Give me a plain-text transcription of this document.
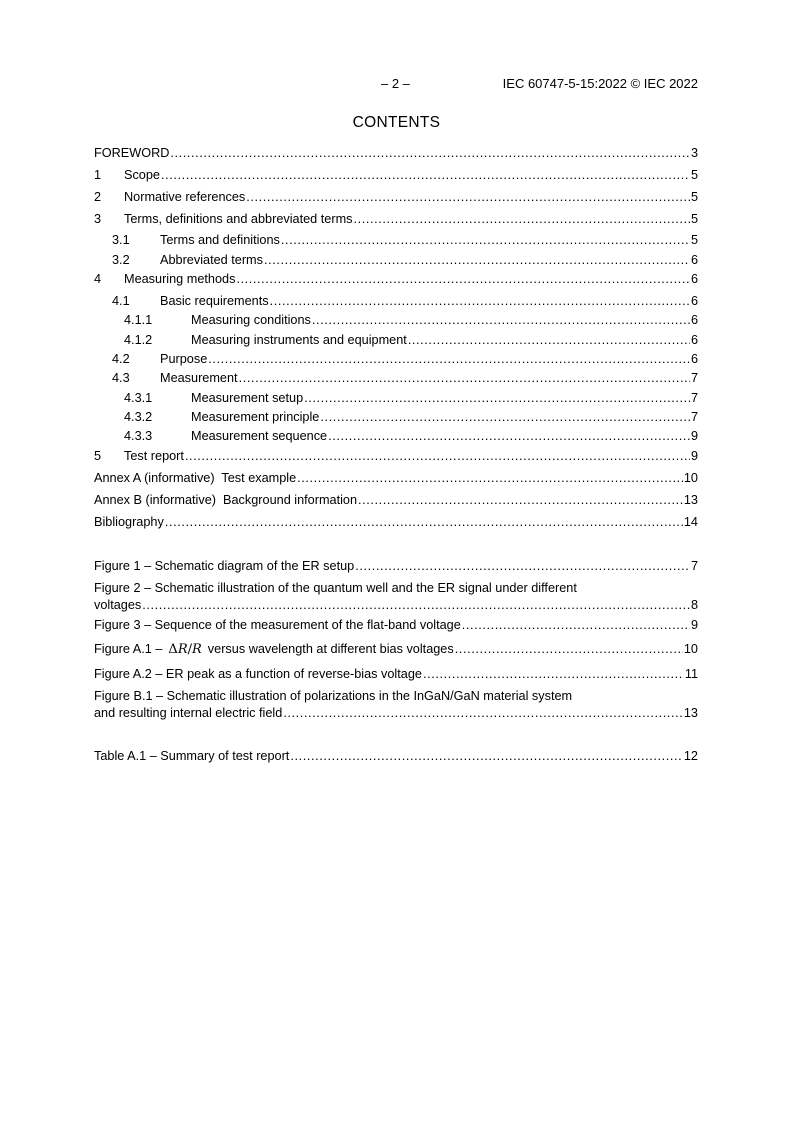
– 2 –	IEC 60747-5-15:2022 © IEC 2022
CONTENTS
FOREWORD .....	3
1	Scope .....	5
2	Normative references .....	5
3	Terms, definitions and abbreviated terms .....	5
3.1	Terms and definitions .....	5
3.2	Abbreviated terms .....	6
4	Measuring methods .....	6
4.1	Basic requirements .....	6
4.1.1	Measuring conditions .....	6
4.1.2	Measuring instruments and equipment .....	6
4.2	Purpose .....	6
4.3	Measurement .....	7
4.3.1	Measurement setup .....	7
4.3.2	Measurement principle .....	7
4.3.3	Measurement sequence .....	9
5	Test report .....	9
Annex A (informative)  Test example .....	10
Annex B (informative)  Background information .....	13
Bibliography .....	14
Figure 1 – Schematic diagram of the ER setup .....	7
Figure 2 – Schematic illustration of the quantum well and the ER signal under different
voltages .....	8
Figure 3 – Sequence of the measurement of the flat-band voltage .....	9
Figure A.1 – ΔR/R versus wavelength at different bias voltages .....	10
Figure A.2 – ER peak as a function of reverse-bias voltage .....	11
Figure B.1 – Schematic illustration of polarizations in the InGaN/GaN material system
and resulting internal electric field .....	13
Table A.1 – Summary of test report .....	12
